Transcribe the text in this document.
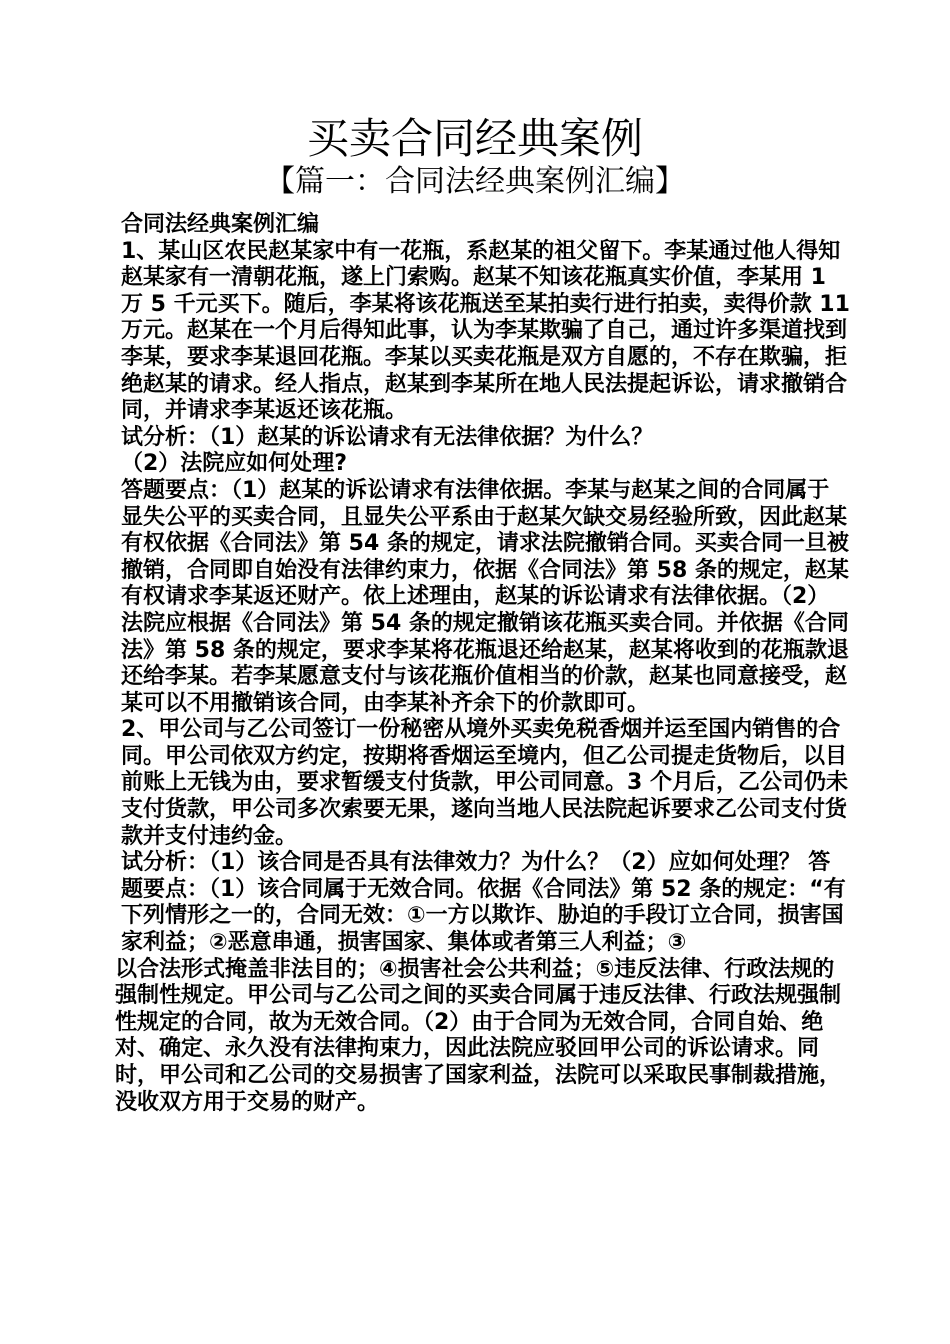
买卖合同经典案例
【篇一：合同法经典案例汇编】

合同法经典案例汇编

1、某山区农民赵某家中有一花瓶，系赵某的祖父留下。李某通过他人得知赵某家有一清朝花瓶，遂上门索购。赵某不知该花瓶真实价值，李某用 1 万 5 千元买下。随后，李某将该花瓶送至某拍卖行进行拍卖，卖得价款 11 万元。赵某在一个月后得知此事，认为李某欺骗了自己，通过许多渠道找到李某，要求李某退回花瓶。李某以买卖花瓶是双方自愿的，不存在欺骗，拒绝赵某的请求。经人指点，赵某到李某所在地人民法提起诉讼，请求撤销合同，并请求李某返还该花瓶。

试分析：（1）赵某的诉讼请求有无法律依据？为什么？

（2）法院应如何处理?

答题要点：（1）赵某的诉讼请求有法律依据。李某与赵某之间的合同属于显失公平的买卖合同，且显失公平系由于赵某欠缺交易经验所致，因此赵某有权依据《合同法》第 54 条的规定，请求法院撤销合同。买卖合同一旦被撤销，合同即自始没有法律约束力，依据《合同法》第 58 条的规定，赵某有权请求李某返还财产。依上述理由，赵某的诉讼请求有法律依据。（2）法院应根据《合同法》第 54 条的规定撤销该花瓶买卖合同。并依据《合同法》第 58 条的规定，要求李某将花瓶退还给赵某，赵某将收到的花瓶款退还给李某。若李某愿意支付与该花瓶价值相当的价款，赵某也同意接受，赵某可以不用撤销该合同，由李某补齐余下的价款即可。

2、甲公司与乙公司签订一份秘密从境外买卖免税香烟并运至国内销售的合同。甲公司依双方约定，按期将香烟运至境内，但乙公司提走货物后，以目前账上无钱为由，要求暂缓支付货款，甲公司同意。3 个月后，乙公司仍未支付货款，甲公司多次索要无果，遂向当地人民法院起诉要求乙公司支付货款并支付违约金。

试分析：（1）该合同是否具有法律效力？为什么？（2）应如何处理？ 答题要点：（1）该合同属于无效合同。依据《合同法》第 52 条的规定：“有下列情形之一的，合同无效：①一方以欺诈、胁迫的手段订立合同，损害国家利益；②恶意串通，损害国家、集体或者第三人利益；③

以合法形式掩盖非法目的；④损害社会公共利益；⑤违反法律、行政法规的强制性规定。甲公司与乙公司之间的买卖合同属于违反法律、行政法规强制性规定的合同，故为无效合同。（2）由于合同为无效合同，合同自始、绝对、确定、永久没有法律拘束力，因此法院应驳回甲公司的诉讼请求。同时，甲公司和乙公司的交易损害了国家利益，法院可以采取民事制裁措施，没收双方用于交易的财产。
